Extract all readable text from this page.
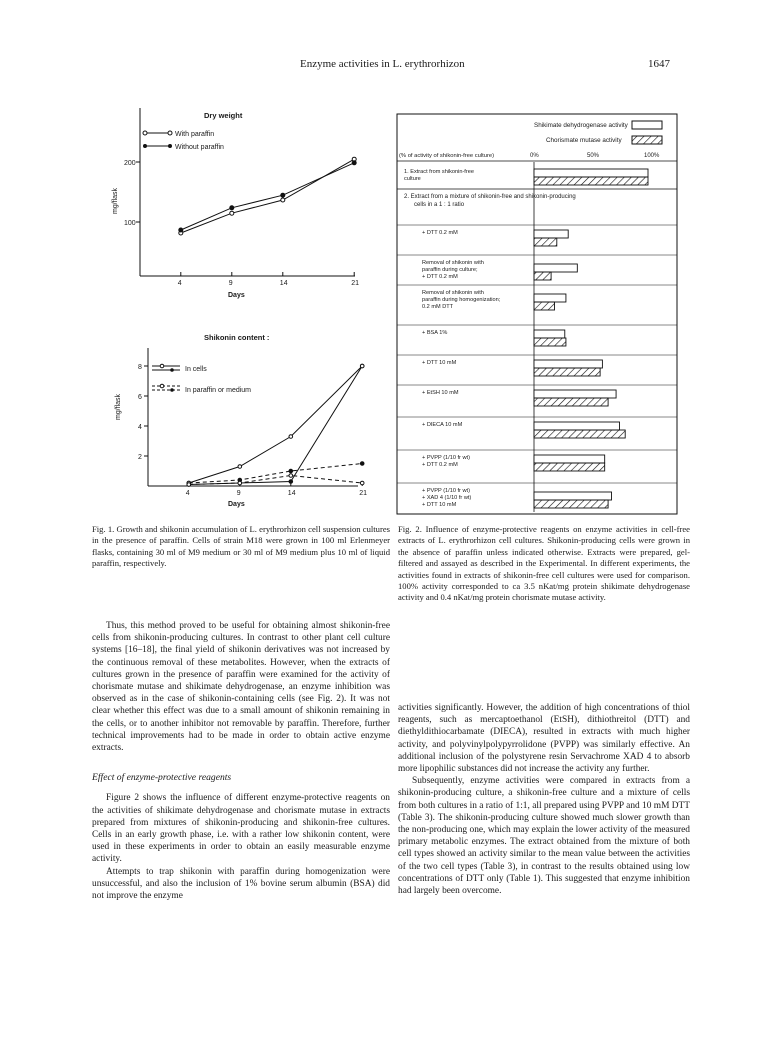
Enzyme activities in L. erythrorhizon	1647
Dry weight
With paraffin
Without paraffin
200
100
mg/flask
4	9	14	21
Days
Shikonin content :
In cells
In paraffin or medium
2
4
6
8
mg/flask
4	9	14	21
Days
Shikimate dehydrogenase activity
Chorismate mutase activity
(% of activity of shikonin-free culture)	0%	50%	100%
2. Extract from a mixture of shikonin-free and shikonin-producing cells in a 1 : 1 ratio
1. Extract from shikonin-free
culture
+ DTT 0.2 mM
Removal of shikonin with
paraffin during culture;
+ DTT 0.2 mM
Removal of shikonin with
paraffin during homogenization;
0.2 mM DTT
+ BSA 1%
+ DTT 10 mM
+ EtSH 10 mM
+ DIECA 10 mM
+ PVPP (1/10 fr wt)
+ DTT 0.2 mM
+ PVPP (1/10 fr wt)
+ XAD 4 (1/10 fr wt)
+ DTT 10 mM
Fig. 1. Growth and shikonin accumulation of L. erythrorhizon cell suspension cultures in the presence of paraffin. Cells of strain M18 were grown in 100 ml Erlenmeyer flasks, containing 30 ml of M9 medium or 30 ml of M9 medium plus 10 ml of liquid paraffin, respectively.
Fig. 2. Influence of enzyme-protective reagents on enzyme activities in cell-free extracts of L. erythrorhizon cell cultures. Shikonin-producing cells were grown in the absence of paraffin unless indicated otherwise. Extracts were prepared, gel-filtered and assayed as described in the Experimental. In different experiments, the activities found in extracts of shikonin-free cell cultures were used for comparison. 100% activity corresponded to ca 3.5 nKat/mg protein shikimate dehydrogenase activity and 0.4 nKat/mg protein chorismate mutase activity.

Thus, this method proved to be useful for obtaining almost shikonin-free cells from shikonin-producing cultures. In contrast to other plant cell culture systems [16–18], the final yield of shikonin derivatives was not increased by the continuous removal of these metabolites. However, when the extracts of cultures grown in the presence of paraffin were examined for the activity of chorismate mutase and shikimate dehydrogenase, an enzyme inhibition was observed as in the case of shikonin-containing cells (see Fig. 2). It was not clear whether this effect was due to a small amount of shikonin remaining in the cells, or to another inhibitor not removable by paraffin. Therefore, further technical improvements had to be made in order to obtain active enzyme extracts.

Effect of enzyme-protective reagents

Figure 2 shows the influence of different enzyme-protective reagents on the activities of shikimate dehydrogenase and chorismate mutase in extracts prepared from mixtures of shikonin-producing and shikonin-free cultures. Cells in an early growth phase, i.e. with a rather low shikonin content, were used in these experiments in order to obtain an easily measurable enzyme activity.

Attempts to trap shikonin with paraffin during homogenization were unsuccessful, and also the inclusion of 1% bovine serum albumin (BSA) did not improve the enzyme

activities significantly. However, the addition of high concentrations of thiol reagents, such as mercaptoethanol (EtSH), dithiothreitol (DTT) and diethyldithiocarbamate (DIECA), resulted in extracts with much higher activity, and polyvinylpolypyrrolidone (PVPP) was similarly effective. An additional inclusion of the polystyrene resin Servachrome XAD 4 to absorb more lipophilic substances did not increase the activity any further.

Subsequently, enzyme activities were compared in extracts from a shikonin-producing culture, a shikonin-free culture and a mixture of cells from both cultures in a ratio of 1:1, all prepared using PVPP and 10 mM DTT (Table 3). The shikonin-producing culture showed much slower growth than the non-producing one, which may explain the lower activity of the measured primary metabolic enzymes. The extract obtained from the mixture of both cell types showed an activity similar to the mean value between the activities of the two cell types (Table 3), in contrast to the results obtained using low concentrations of DTT only (Table 1). This suggested that enzyme inhibition had largely been overcome.
